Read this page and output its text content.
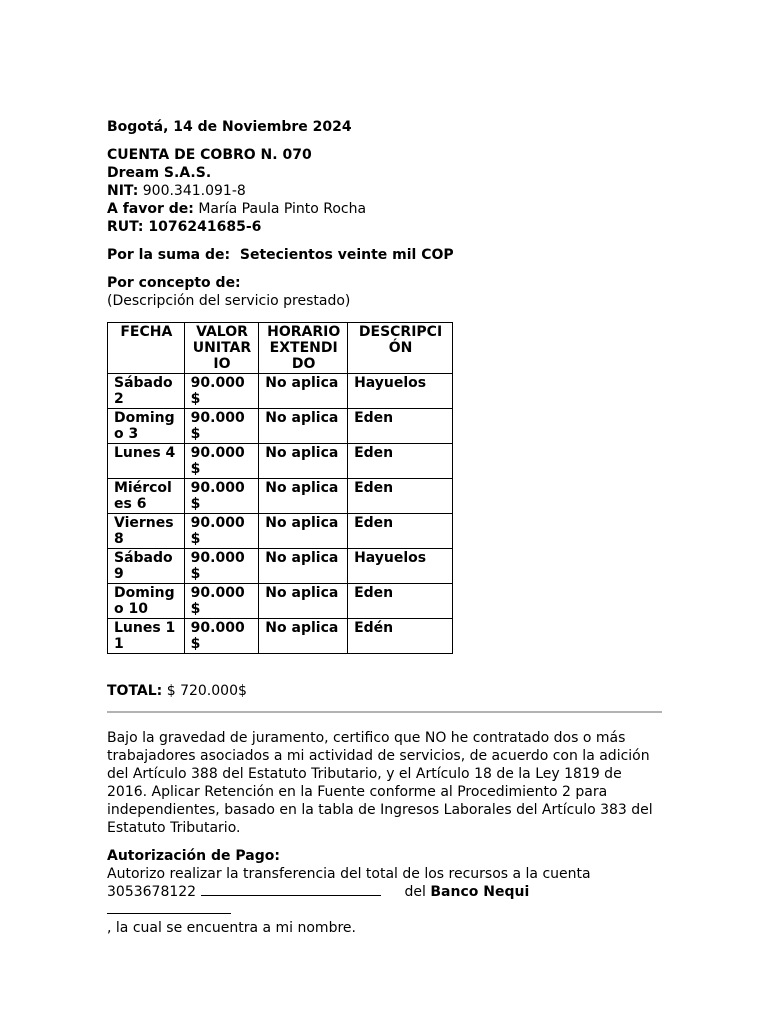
Bogotá, 14 de Noviembre 2024

CUENTA DE COBRO N. 070

Dream S.A.S.

NIT: 900.341.091-8

A favor de: María Paula Pinto Rocha

RUT: 1076241685-6

Por la suma de: Setecientos veinte mil COP

Por concepto de:

(Descripción del servicio prestado)

FECHA	VALOR UNITARIO	HORARIO EXTENDIDO	DESCRIPCIÓN
Sábado 2	90.000 $	No aplica	Hayuelos
Domingo 3	90.000 $	No aplica	Eden
Lunes 4	90.000 $	No aplica	Eden
Miércoles 6	90.000 $	No aplica	Eden
Viernes 8	90.000 $	No aplica	Eden
Sábado 9	90.000 $	No aplica	Hayuelos
Domingo 10	90.000 $	No aplica	Eden
Lunes 11	90.000 $	No aplica	Edén

TOTAL: $ 720.000$

Bajo la gravedad de juramento, certifico que NO he contratado dos o más trabajadores asociados a mi actividad de servicios, de acuerdo con la adición del Artículo 388 del Estatuto Tributario, y el Artículo 18 de la Ley 1819 de 2016. Aplicar Retención en la Fuente conforme al Procedimiento 2 para independientes, basado en la tabla de Ingresos Laborales del Artículo 383 del Estatuto Tributario.

Autorización de Pago:

Autorizo realizar la transferencia del total de los recursos a la cuenta

3053678122	del Banco Nequi

, la cual se encuentra a mi nombre.
